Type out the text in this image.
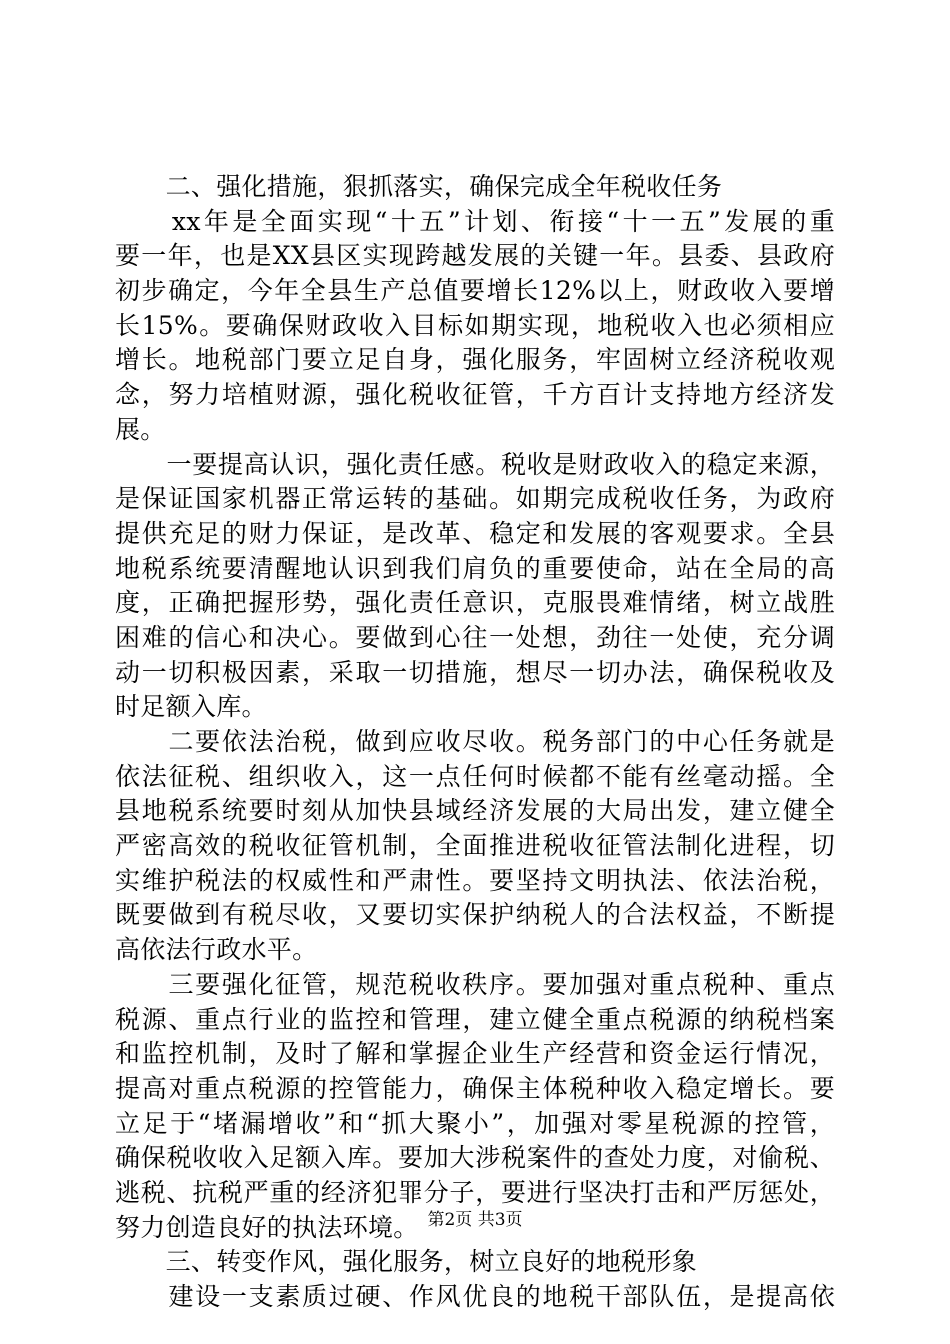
　　二、强化措施，狠抓落实，确保完成全年税收任务
　　xx年是全面实现“十五”计划、衔接“十一五”发展的重
要一年，也是XX县区实现跨越发展的关键一年。县委、县政府
初步确定，今年全县生产总值要增长12%以上，财政收入要增
长15%。要确保财政收入目标如期实现，地税收入也必须相应
增长。地税部门要立足自身，强化服务，牢固树立经济税收观
念，努力培植财源，强化税收征管，千方百计支持地方经济发
展。
　　一要提高认识，强化责任感。税收是财政收入的稳定来源，
是保证国家机器正常运转的基础。如期完成税收任务，为政府
提供充足的财力保证，是改革、稳定和发展的客观要求。全县
地税系统要清醒地认识到我们肩负的重要使命，站在全局的高
度，正确把握形势，强化责任意识，克服畏难情绪，树立战胜
困难的信心和决心。要做到心往一处想，劲往一处使，充分调
动一切积极因素，采取一切措施，想尽一切办法，确保税收及
时足额入库。
　　二要依法治税，做到应收尽收。税务部门的中心任务就是
依法征税、组织收入，这一点任何时候都不能有丝毫动摇。全
县地税系统要时刻从加快县域经济发展的大局出发，建立健全
严密高效的税收征管机制，全面推进税收征管法制化进程，切
实维护税法的权威性和严肃性。要坚持文明执法、依法治税，
既要做到有税尽收，又要切实保护纳税人的合法权益，不断提
高依法行政水平。
　　三要强化征管，规范税收秩序。要加强对重点税种、重点
税源、重点行业的监控和管理，建立健全重点税源的纳税档案
和监控机制，及时了解和掌握企业生产经营和资金运行情况，
提高对重点税源的控管能力，确保主体税种收入稳定增长。要
立足于“堵漏增收”和“抓大聚小”，加强对零星税源的控管，
确保税收收入足额入库。要加大涉税案件的查处力度，对偷税、
逃税、抗税严重的经济犯罪分子，要进行坚决打击和严厉惩处，
努力创造良好的执法环境。
　　三、转变作风，强化服务，树立良好的地税形象
　　建设一支素质过硬、作风优良的地税干部队伍，是提高依
第2页 共3页
